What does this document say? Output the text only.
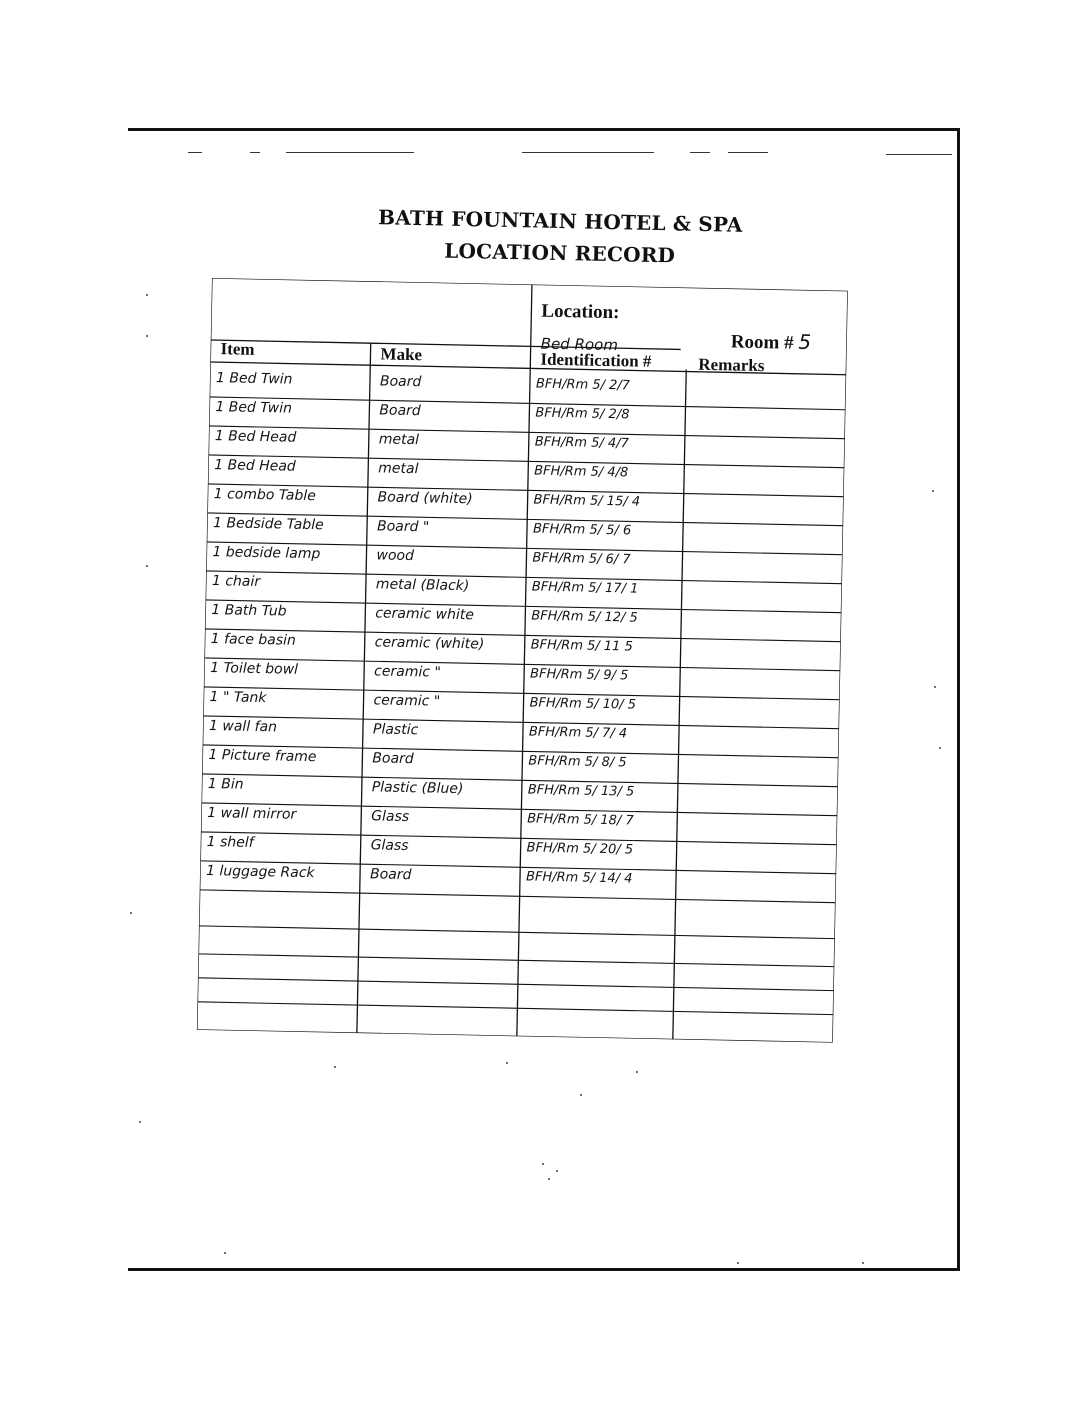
BATH FOUNTAIN HOTEL & SPA
LOCATION RECORD
Location:
Bed Room	Room # 5
Item	Make	Identification #	Remarks
1 Bed Twin	Board	BFH/Rm 5/ 2/7
1 Bed Twin	Board	BFH/Rm 5/ 2/8
1 Bed Head	metal	BFH/Rm 5/ 4/7
1 Bed Head	metal	BFH/Rm 5/ 4/8
1 combo Table	Board (white)	BFH/Rm 5/ 15/ 4
1 Bedside Table	Board "	BFH/Rm 5/ 5/ 6
1 bedside lamp	wood	BFH/Rm 5/ 6/ 7
1 chair	metal (Black)	BFH/Rm 5/ 17/ 1
1 Bath Tub	ceramic white	BFH/Rm 5/ 12/ 5
1 face basin	ceramic (white)	BFH/Rm 5/ 11 5
1 Toilet bowl	ceramic "	BFH/Rm 5/ 9/ 5
1 " Tank	ceramic "	BFH/Rm 5/ 10/ 5
1 wall fan	Plastic	BFH/Rm 5/ 7/ 4
1 Picture frame	Board	BFH/Rm 5/ 8/ 5
1 Bin	Plastic (Blue)	BFH/Rm 5/ 13/ 5
1 wall mirror	Glass	BFH/Rm 5/ 18/ 7
1 shelf	Glass	BFH/Rm 5/ 20/ 5
1 luggage Rack	Board	BFH/Rm 5/ 14/ 4
